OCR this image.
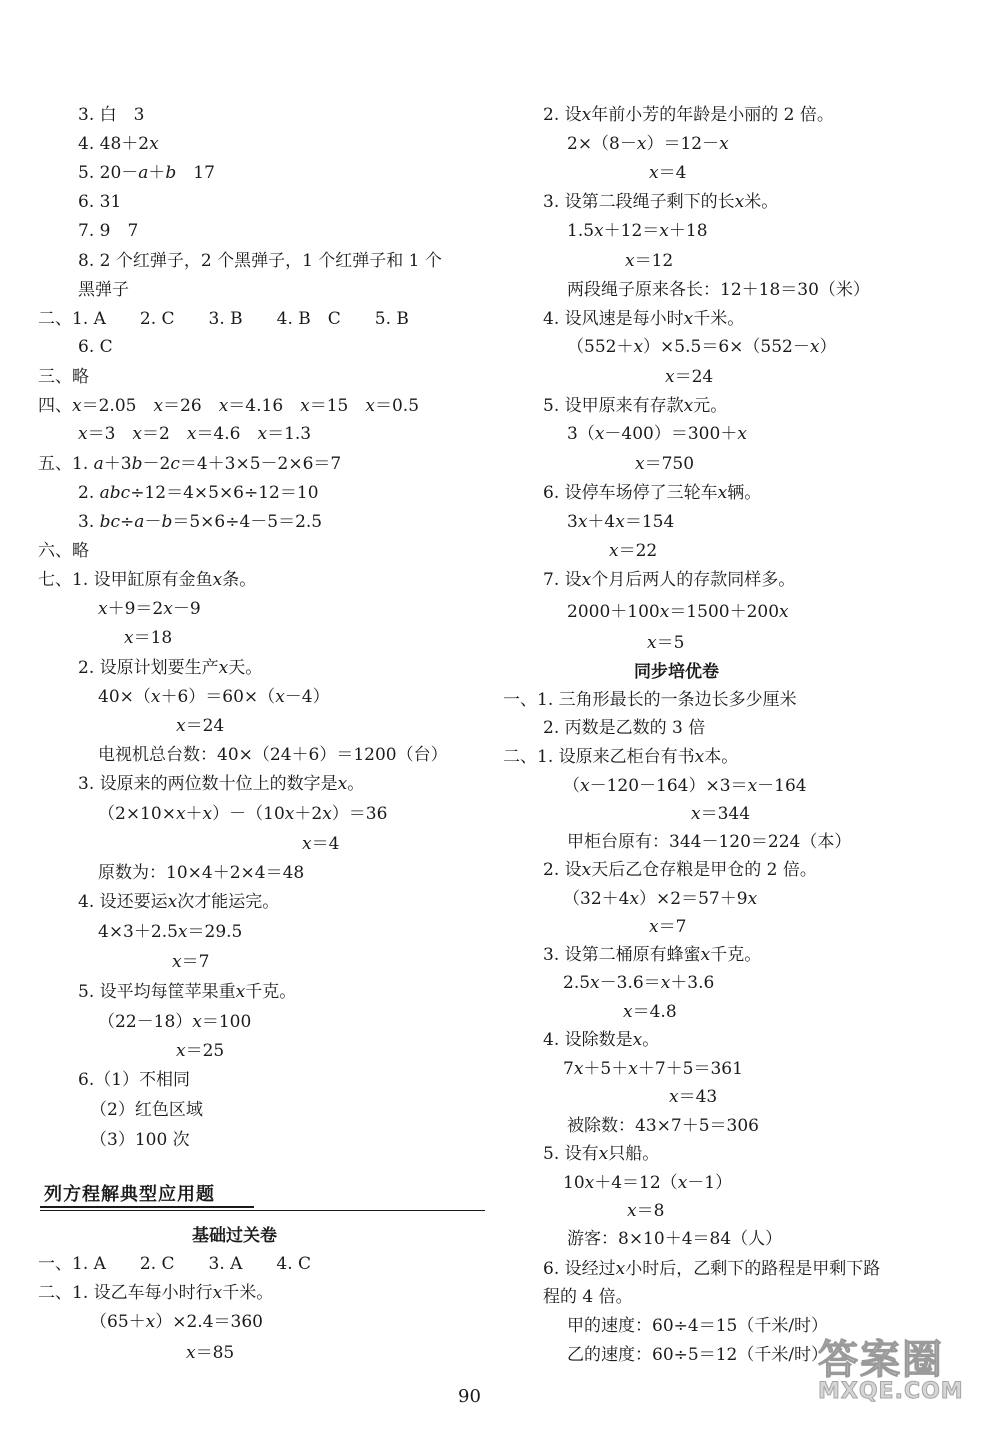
3. 白　3
4. 48＋2x
5. 20－a＋b　17
6. 31
7. 9　7
8. 2 个红弹子，2 个黑弹子，1 个红弹子和 1 个
黑弹子
二、1. A　　2. C　　3. B　　4. B　C　　5. B
6. C
三、略
四、x＝2.05　x＝26　x＝4.16　x＝15　x＝0.5
x＝3　x＝2　x＝4.6　x＝1.3
五、1. a＋3b－2c＝4＋3×5－2×6＝7
2. abc÷12＝4×5×6÷12＝10
3. bc÷a－b＝5×6÷4－5＝2.5
六、略
七、1. 设甲缸原有金鱼x条。
x＋9＝2x－9
x＝18
2. 设原计划要生产x天。
40×（x＋6）＝60×（x－4）
x＝24
电视机总台数：40×（24＋6）＝1200（台）
3. 设原来的两位数十位上的数字是x。
（2×10×x＋x）－（10x＋2x）＝36
x＝4
原数为：10×4＋2×4＝48
4. 设还要运x次才能运完。
4×3＋2.5x＝29.5
x＝7
5. 设平均每筐苹果重x千克。
（22－18）x＝100
x＝25
6.（1）不相同
（2）红色区域
（3）100 次
基础过关卷
一、1. A　　2. C　　3. A　　4. C
二、1. 设乙车每小时行x千米。
（65＋x）×2.4＝360
x＝85
2. 设x年前小芳的年龄是小丽的 2 倍。
2×（8－x）＝12－x
x＝4
3. 设第二段绳子剩下的长x米。
1.5x＋12＝x＋18
x＝12
两段绳子原来各长：12＋18＝30（米）
4. 设风速是每小时x千米。
（552＋x）×5.5＝6×（552－x）
x＝24
5. 设甲原来有存款x元。
3（x－400）＝300＋x
x＝750
6. 设停车场停了三轮车x辆。
3x＋4x＝154
x＝22
7. 设x个月后两人的存款同样多。
2000＋100x＝1500＋200x
x＝5
同步培优卷
一、1. 三角形最长的一条边长多少厘米
2. 丙数是乙数的 3 倍
二、1. 设原来乙柜台有书x本。
（x－120－164）×3＝x－164
x＝344
甲柜台原有：344－120＝224（本）
2. 设x天后乙仓存粮是甲仓的 2 倍。
（32＋4x）×2＝57＋9x
x＝7
3. 设第二桶原有蜂蜜x千克。
2.5x－3.6＝x＋3.6
x＝4.8
4. 设除数是x。
7x＋5＋x＋7＋5＝361
x＝43
被除数：43×7＋5＝306
5. 设有x只船。
10x＋4＝12（x－1）
x＝8
游客：8×10＋4＝84（人）
6. 设经过x小时后，乙剩下的路程是甲剩下路
程的 4 倍。
甲的速度：60÷4＝15（千米/时）
乙的速度：60÷5＝12（千米/时）
列方程解典型应用题
90
答案圈
MXQE.COM
